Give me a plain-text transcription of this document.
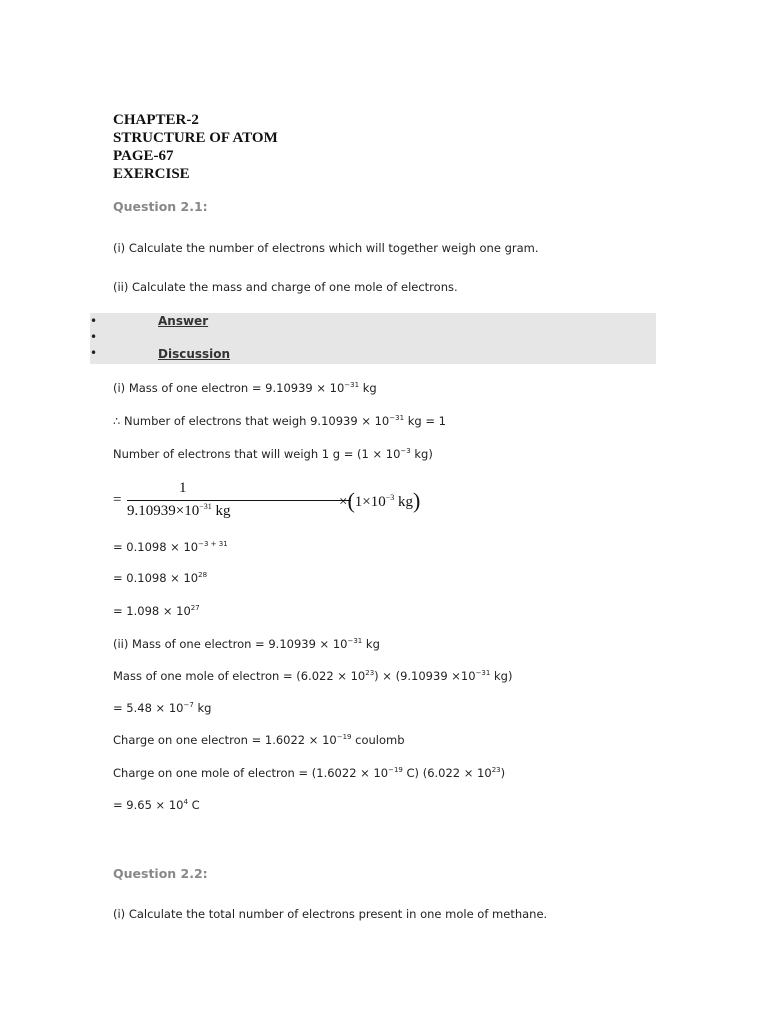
CHAPTER-2
STRUCTURE OF ATOM
PAGE-67
EXERCISE
Question 2.1:
(i) Calculate the number of electrons which will together weigh one gram.
(ii) Calculate the mass and charge of one mole of electrons.
•
•
•
Answer
Discussion
(i) Mass of one electron = $9.10939 \times 10^{-31}$ kg
∴ Number of electrons that weigh $9.10939 \times 10^{-31}$ kg = 1
Number of electrons that will weigh 1 $g = (1 \times 10^{-3}$ kg)
=
1
$9.10939\times 10^{-31}$ kg
$\times(1\times 10^{-3}$ kg)
= $0.1098 \times 10^{-3 + 31}$
= $0.1098 \times 10^{28}$
= $1.098 \times 10^{27}$
(ii) Mass of one electron = $9.10939 \times 10^{-31}$ kg
Mass of one mole of electron = $(6.022 \times 10^{23}) \times (9.10939 \times 10^{-31}$ kg)
= $5.48 \times 10^{-7}$ kg
Charge on one electron = $1.6022 \times 10^{-19}$ coulomb
Charge on one mole of electron = ($1.6022 \times 10^{-19}$ C) $(6.022 \times 10^{23})$
= $9.65 \times 10^4$ C
Question 2.2:
(i) Calculate the total number of electrons present in one mole of methane.
